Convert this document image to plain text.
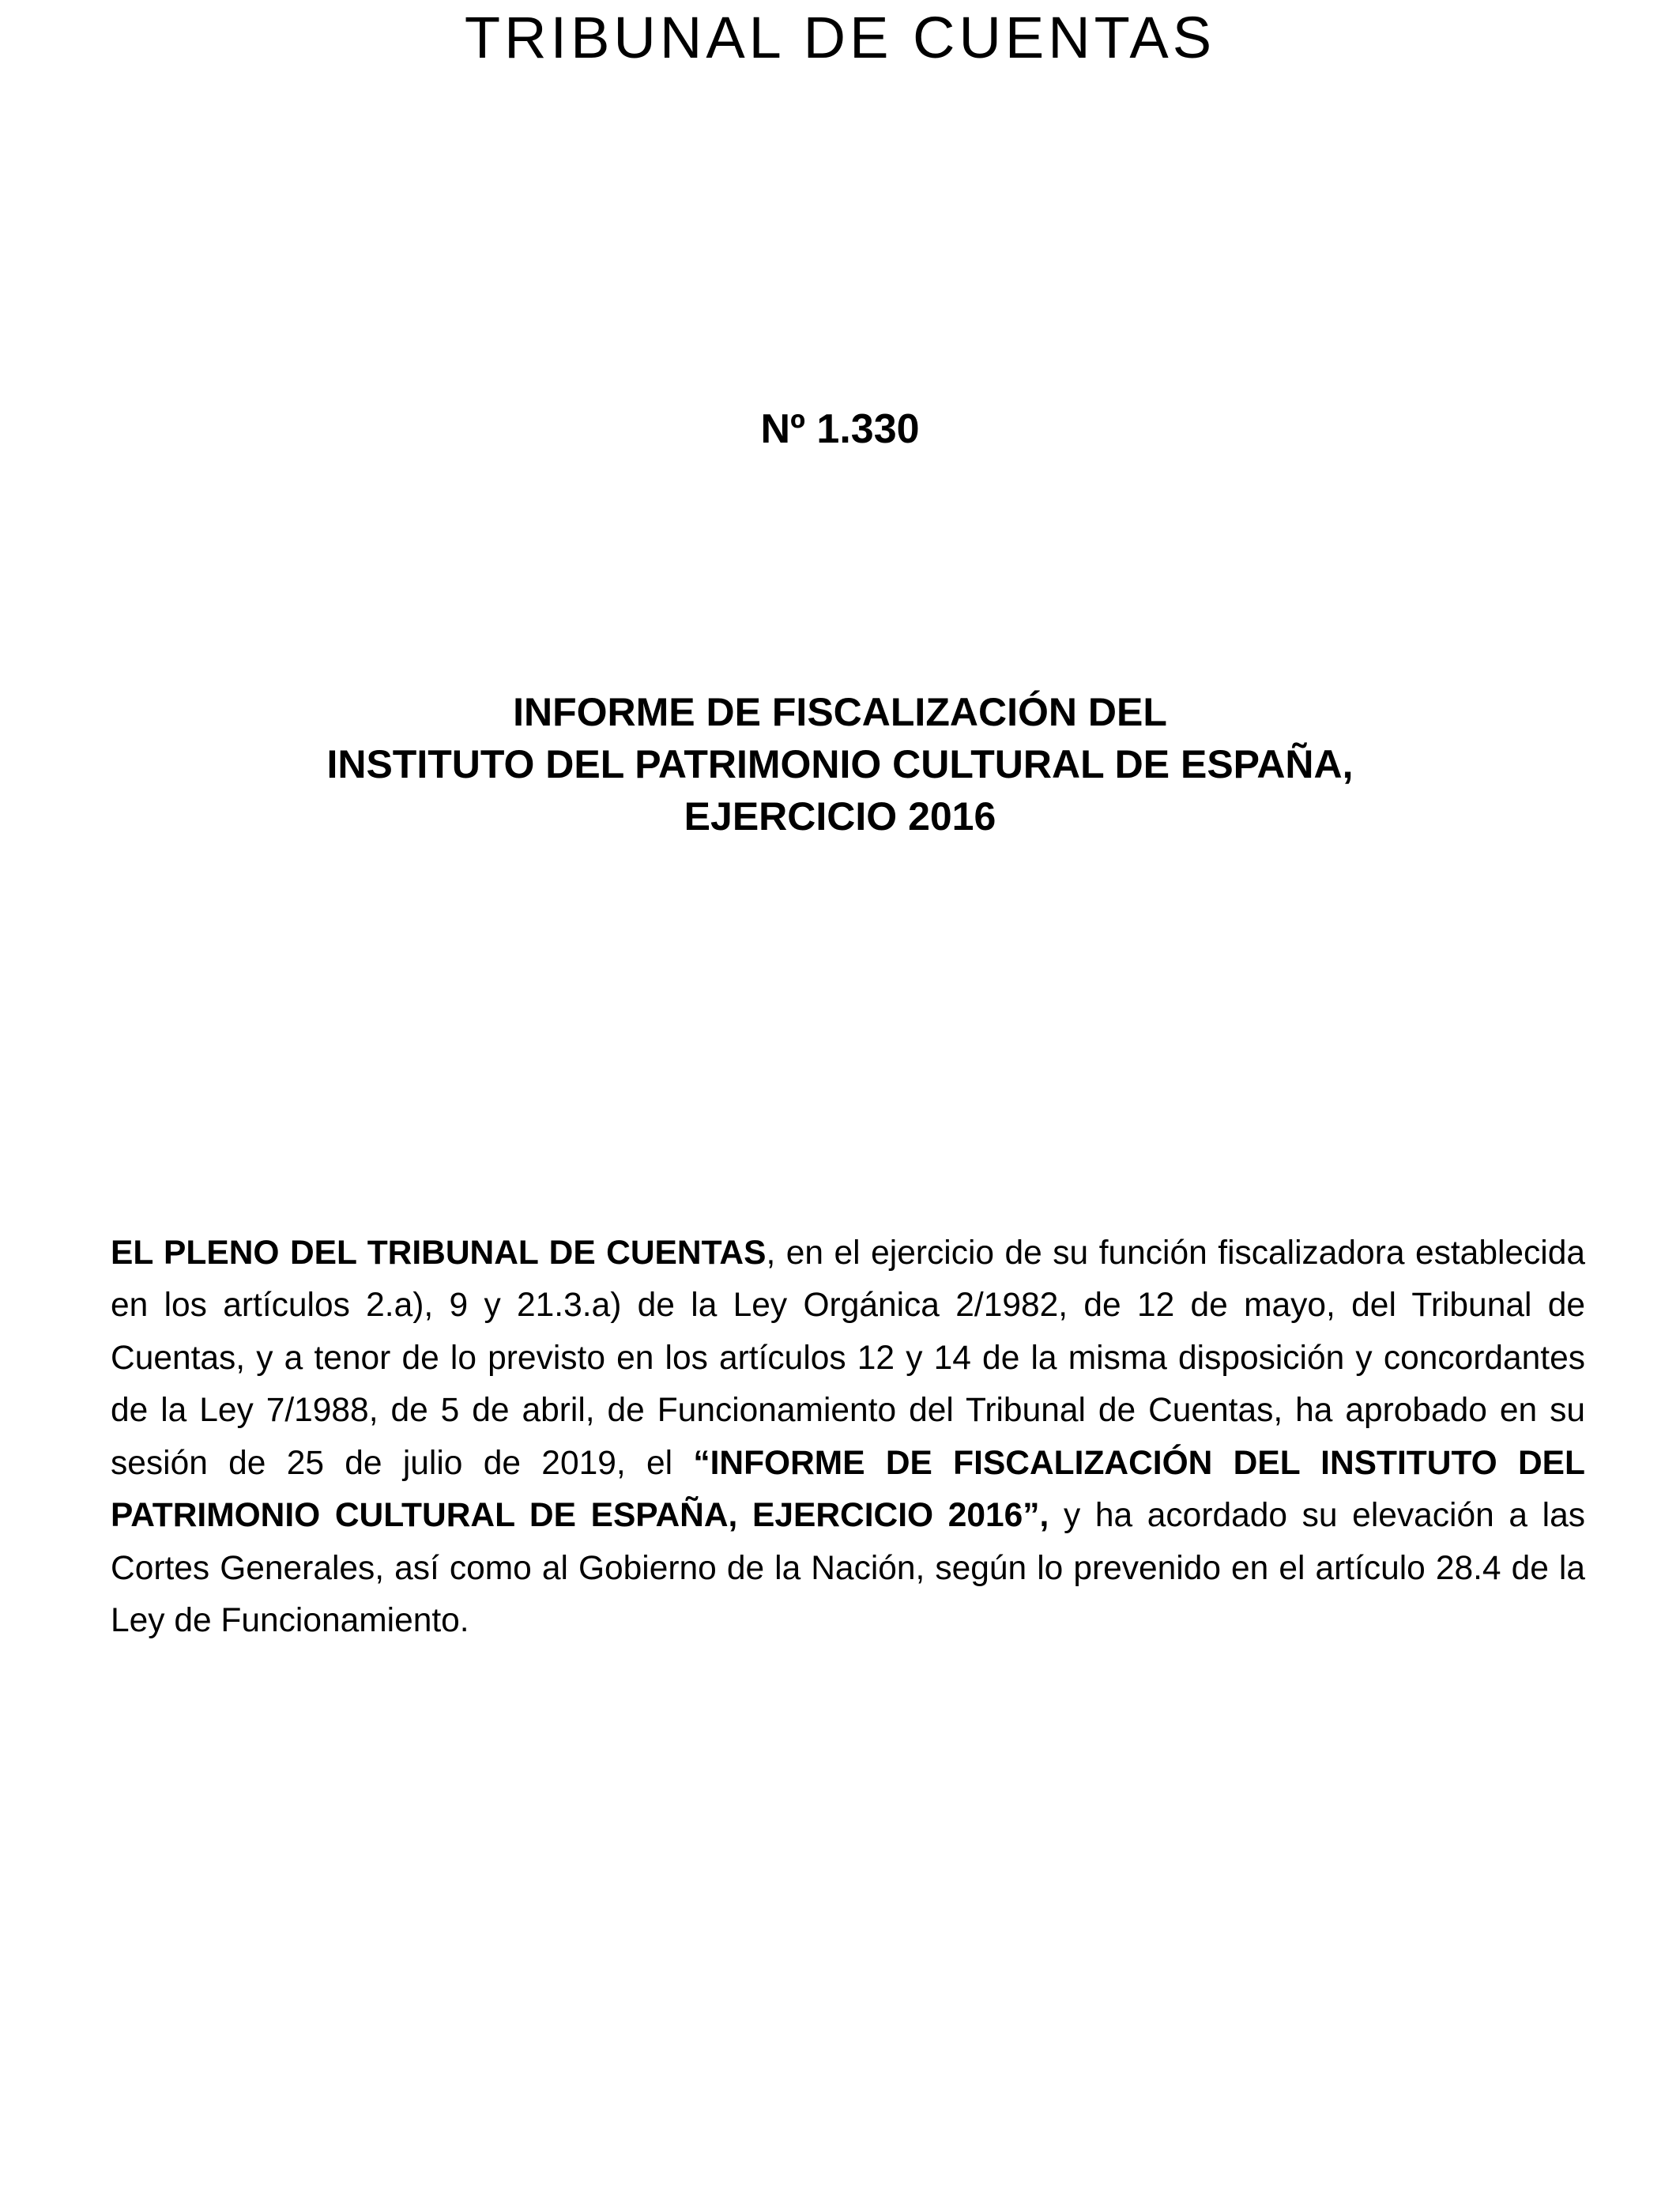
TRIBUNAL DE CUENTAS
Nº 1.330
INFORME DE FISCALIZACIÓN DEL
INSTITUTO DEL PATRIMONIO CULTURAL DE ESPAÑA,
EJERCICIO 2016

EL PLENO DEL TRIBUNAL DE CUENTAS, en el ejercicio de su función fiscalizadora establecida en los artículos 2.a), 9 y 21.3.a) de la Ley Orgánica 2/1982, de 12 de mayo, del Tribunal de Cuentas, y a tenor de lo previsto en los artículos 12 y 14 de la misma disposición y concordantes de la Ley 7/1988, de 5 de abril, de Funcionamiento del Tribunal de Cuentas, ha aprobado en su sesión de 25 de julio de 2019, el “INFORME DE FISCALIZACIÓN DEL INSTITUTO DEL PATRIMONIO CULTURAL DE ESPAÑA, EJERCICIO 2016”, y ha acordado su elevación a las Cortes Generales, así como al Gobierno de la Nación, según lo prevenido en el artículo 28.4 de la Ley de Funcionamiento.
